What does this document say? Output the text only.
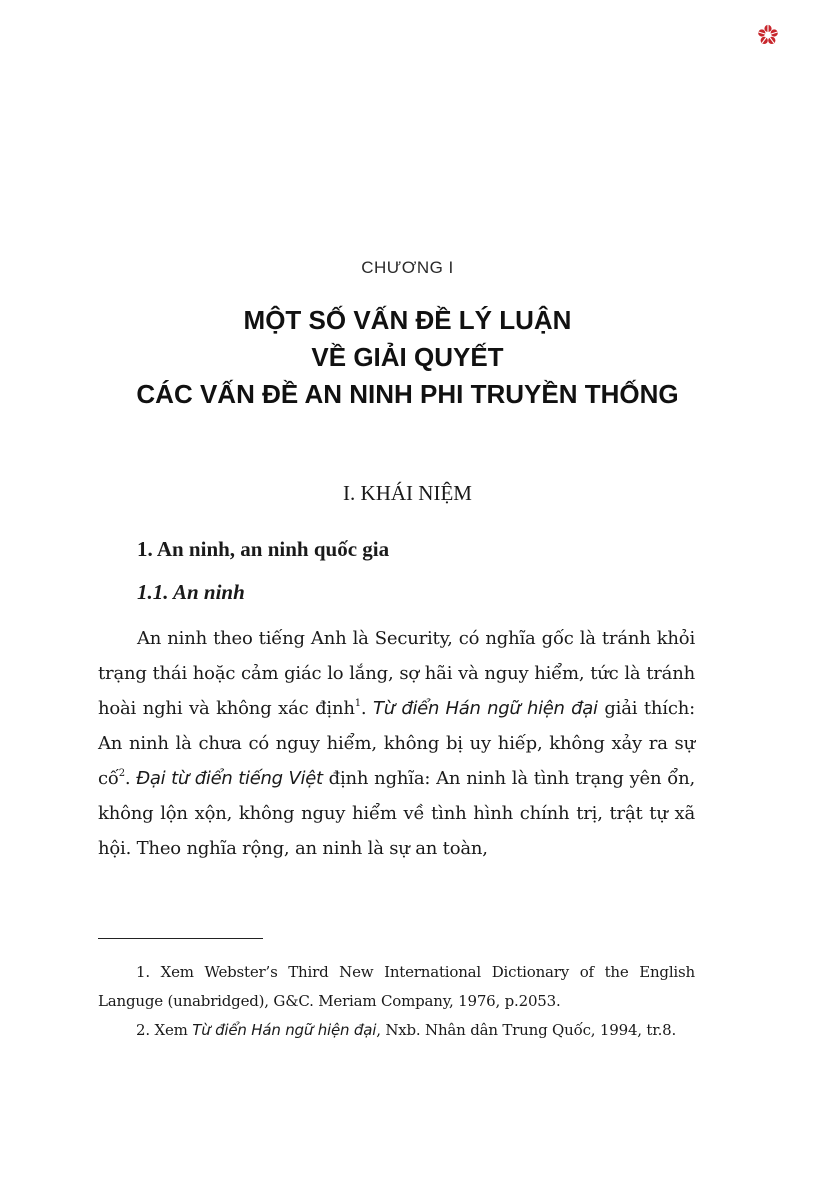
CHƯƠNG I
MỘT SỐ VẤN ĐỀ LÝ LUẬN
VỀ GIẢI QUYẾT
CÁC VẤN ĐỀ AN NINH PHI TRUYỀN THỐNG
I. KHÁI NIỆM
1. An ninh, an ninh quốc gia
1.1. An ninh

An ninh theo tiếng Anh là Security, có nghĩa gốc là tránh khỏi trạng thái hoặc cảm giác lo lắng, sợ hãi và nguy hiểm, tức là tránh hoài nghi và không xác định$^1$. Từ điển Hán ngữ hiện đại giải thích: An ninh là chưa có nguy hiểm, không bị uy hiếp, không xảy ra sự cố$^2$. Đại từ điển tiếng Việt định nghĩa: An ninh là tình trạng yên ổn, không lộn xộn, không nguy hiểm về tình hình chính trị, trật tự xã hội. Theo nghĩa rộng, an ninh là sự an toàn,

1. Xem Webster’s Third New International Dictionary of the English Languge (unabridged), G&C. Meriam Company, 1976, p.2053.

2. Xem Từ điển Hán ngữ hiện đại, Nxb. Nhân dân Trung Quốc, 1994, tr.8.
